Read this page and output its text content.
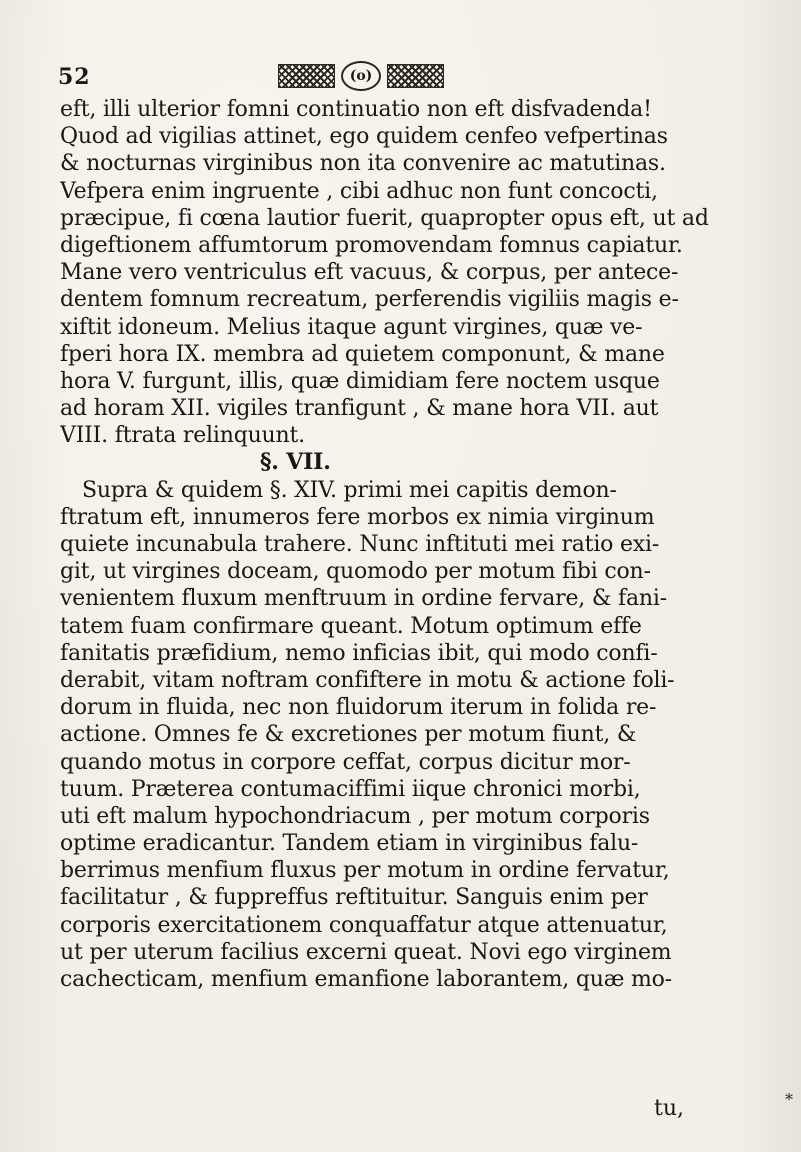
52	(o)
eft, illi ulterior fomni continuatio non eft disfvadenda!
Quod ad vigilias attinet, ego quidem cenfeo vefpertinas
& nocturnas virginibus non ita convenire ac matutinas.
Vefpera enim ingruente , cibi adhuc non funt concocti,
præcipue, fi cœna lautior fuerit, quapropter opus eft, ut ad
digeftionem affumtorum promovendam fomnus capiatur.
Mane vero ventriculus eft vacuus, & corpus, per antece-
dentem fomnum recreatum, perferendis vigiliis magis e-
xiftit idoneum. Melius itaque agunt virgines, quæ ve-
fperi hora IX. membra ad quietem componunt, & mane
hora V. furgunt, illis, quæ dimidiam fere noctem usque
ad horam XII. vigiles tranfigunt , & mane hora VII. aut
VIII. ftrata relinquunt.
§. VII.
Supra & quidem §. XIV. primi mei capitis demon-
ftratum eft, innumeros fere morbos ex nimia virginum
quiete incunabula trahere. Nunc inftituti mei ratio exi-
git, ut virgines doceam, quomodo per motum fibi con-
venientem fluxum menftruum in ordine fervare, & fani-
tatem fuam confirmare queant. Motum optimum effe
fanitatis præfidium, nemo inficias ibit, qui modo confi-
derabit, vitam noftram confiftere in motu & actione foli-
dorum in fluida, nec non fluidorum iterum in folida re-
actione. Omnes fe & excretiones per motum fiunt, &
quando motus in corpore ceffat, corpus dicitur mor-
tuum. Præterea contumaciffimi iique chronici morbi,
uti eft malum hypochondriacum , per motum corporis
optime eradicantur. Tandem etiam in virginibus falu-
berrimus menfium fluxus per motum in ordine fervatur,
facilitatur , & fuppreffus reftituitur. Sanguis enim per
corporis exercitationem conquaffatur atque attenuatur,
ut per uterum facilius excerni queat. Novi ego virginem
cacheсticam, menfium emanfione laborantem, quæ mo-
tu,	*
